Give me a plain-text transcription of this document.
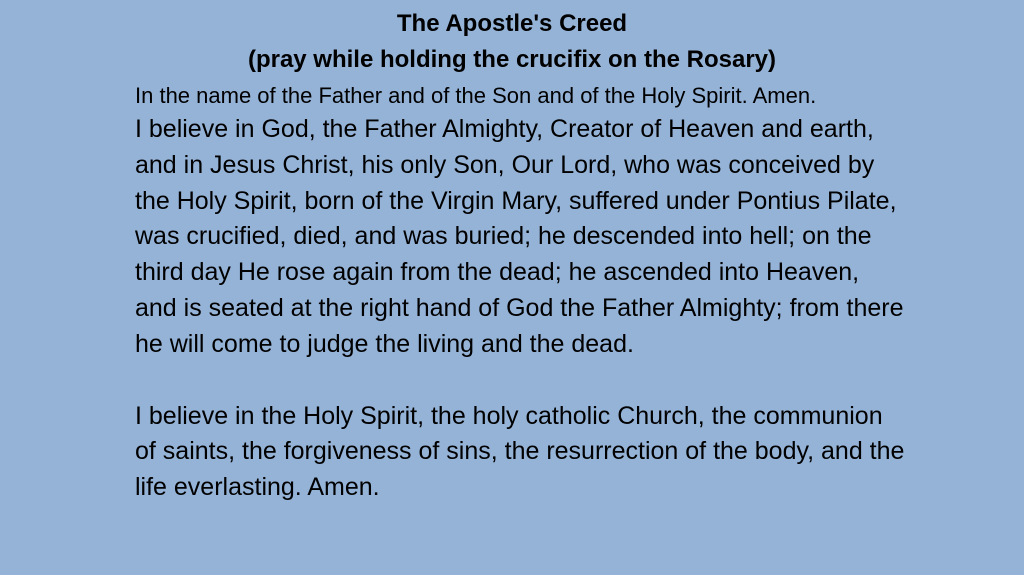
The Apostle's Creed
(pray while holding the crucifix on the Rosary)

In the name of the Father and of the Son and of the Holy Spirit. Amen.

I believe in God, the Father Almighty, Creator of Heaven and earth, and in Jesus Christ, his only Son, Our Lord, who was conceived by the Holy Spirit, born of the Virgin Mary, suffered under Pontius Pilate, was crucified, died, and was buried; he descended into hell; on the third day He rose again from the dead; he ascended into Heaven, and is seated at the right hand of God the Father Almighty; from there he will come to judge the living and the dead.

I believe in the Holy Spirit, the holy catholic Church, the communion of saints, the forgiveness of sins, the resurrection of the body, and the life everlasting. Amen.
